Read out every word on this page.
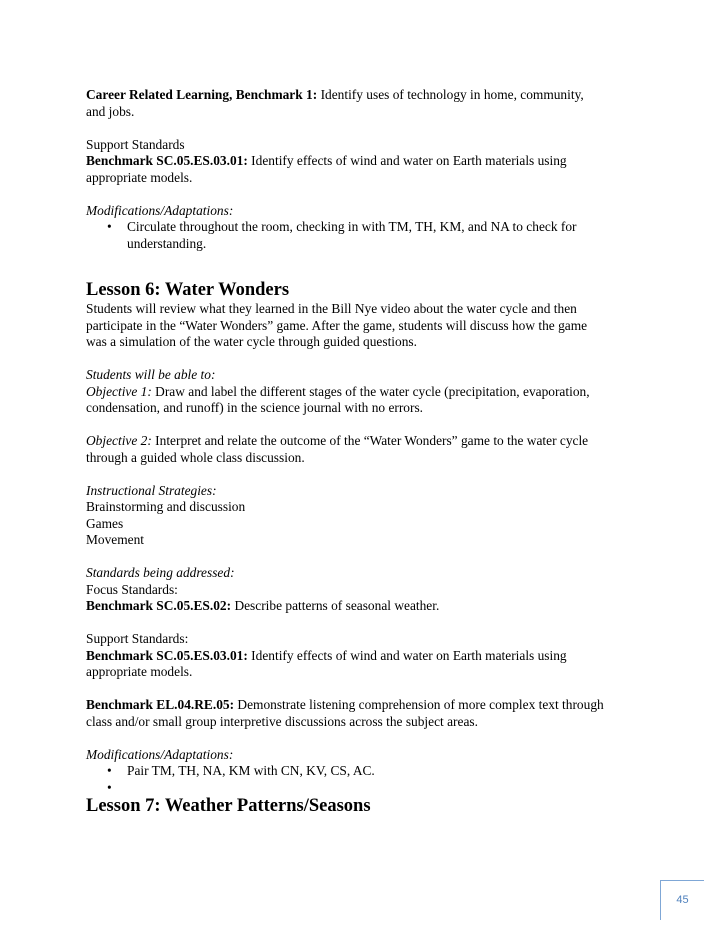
Career Related Learning, Benchmark 1: Identify uses of technology in home, community,

and jobs.

Support Standards

Benchmark SC.05.ES.03.01: Identify effects of wind and water on Earth materials using

appropriate models.

Modifications/Adaptations:

• Circulate throughout the room, checking in with TM, TH, KM, and NA to check for
understanding.

Lesson 6: Water Wonders

Students will review what they learned in the Bill Nye video about the water cycle and then

participate in the “Water Wonders” game. After the game, students will discuss how the game

was a simulation of the water cycle through guided questions.

Students will be able to:

Objective 1: Draw and label the different stages of the water cycle (precipitation, evaporation,

condensation, and runoff) in the science journal with no errors.

Objective 2: Interpret and relate the outcome of the “Water Wonders” game to the water cycle

through a guided whole class discussion.

Instructional Strategies:

Brainstorming and discussion

Games

Movement

Standards being addressed:

Focus Standards:

Benchmark SC.05.ES.02: Describe patterns of seasonal weather.

Support Standards:

Benchmark SC.05.ES.03.01: Identify effects of wind and water on Earth materials using

appropriate models.

Benchmark EL.04.RE.05: Demonstrate listening comprehension of more complex text through

class and/or small group interpretive discussions across the subject areas.

Modifications/Adaptations:

• Pair TM, TH, NA, KM with CN, KV, CS, AC.
•

Lesson 7: Weather Patterns/Seasons

45
